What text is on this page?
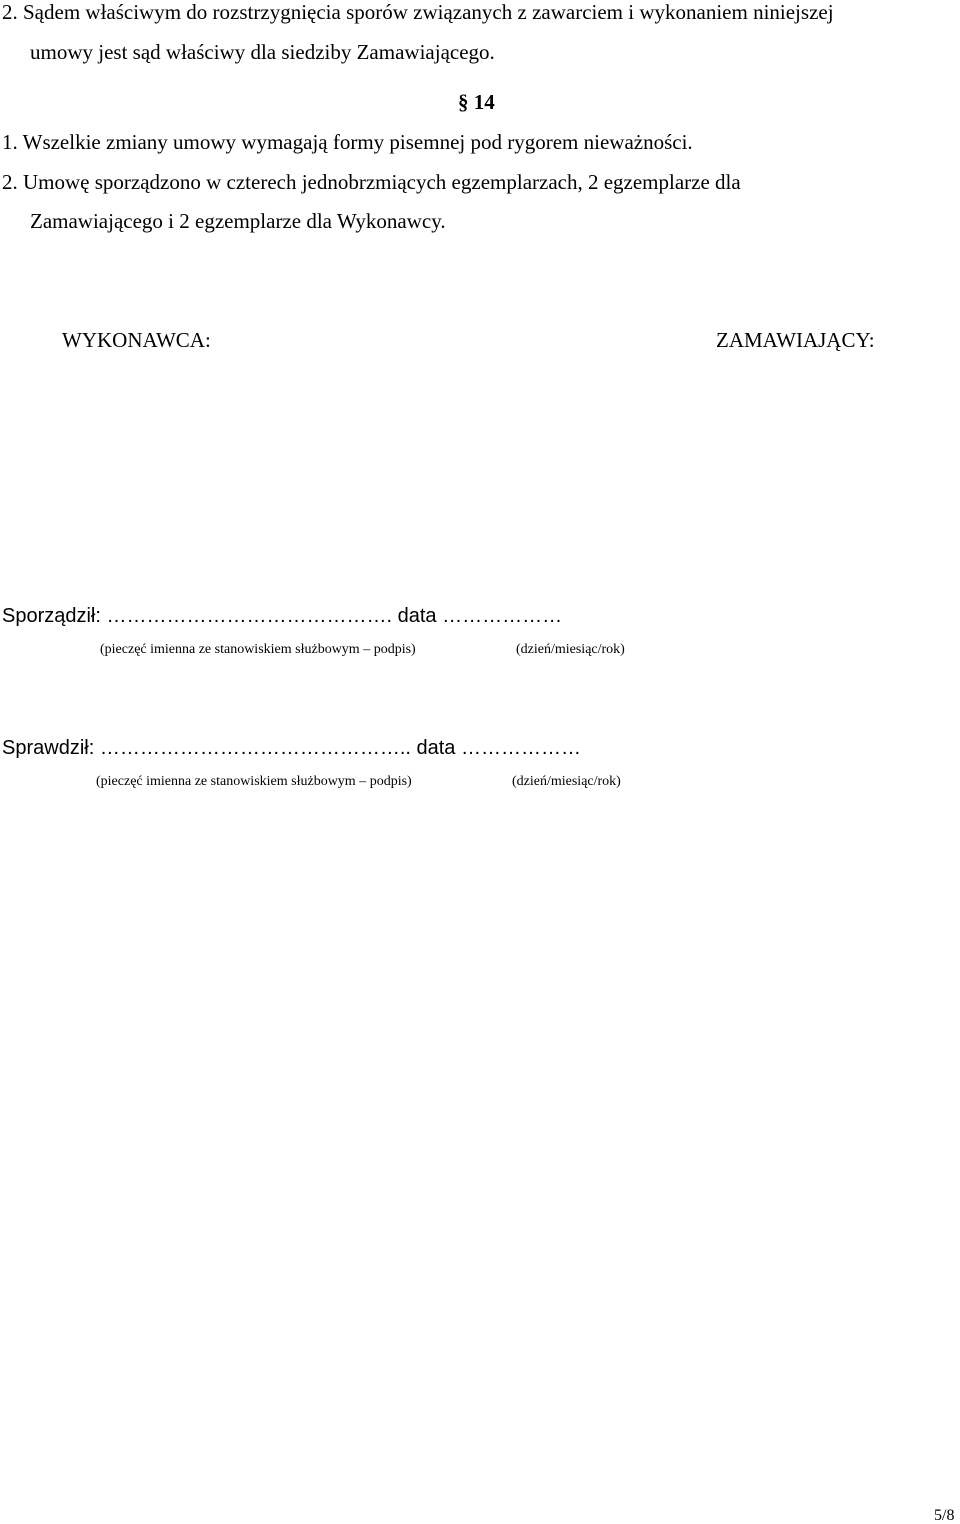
2. Sądem właściwym do rozstrzygnięcia sporów związanych z zawarciem i wykonaniem niniejszej
umowy jest sąd właściwy dla siedziby Zamawiającego.
§ 14
1. Wszelkie zmiany umowy wymagają formy pisemnej pod rygorem nieważności.
2. Umowę sporządzono w czterech jednobrzmiących egzemplarzach, 2 egzemplarze dla
Zamawiającego i 2 egzemplarze dla Wykonawcy.
WYKONAWCA:	ZAMAWIAJĄCY:
Sporządził: ……………………………………. data ………………
(pieczęć imienna ze stanowiskiem służbowym – podpis)	(dzień/miesiąc/rok)
Sprawdził: ……………………………………….. data ………………
(pieczęć imienna ze stanowiskiem służbowym – podpis)	(dzień/miesiąc/rok)
5/8
